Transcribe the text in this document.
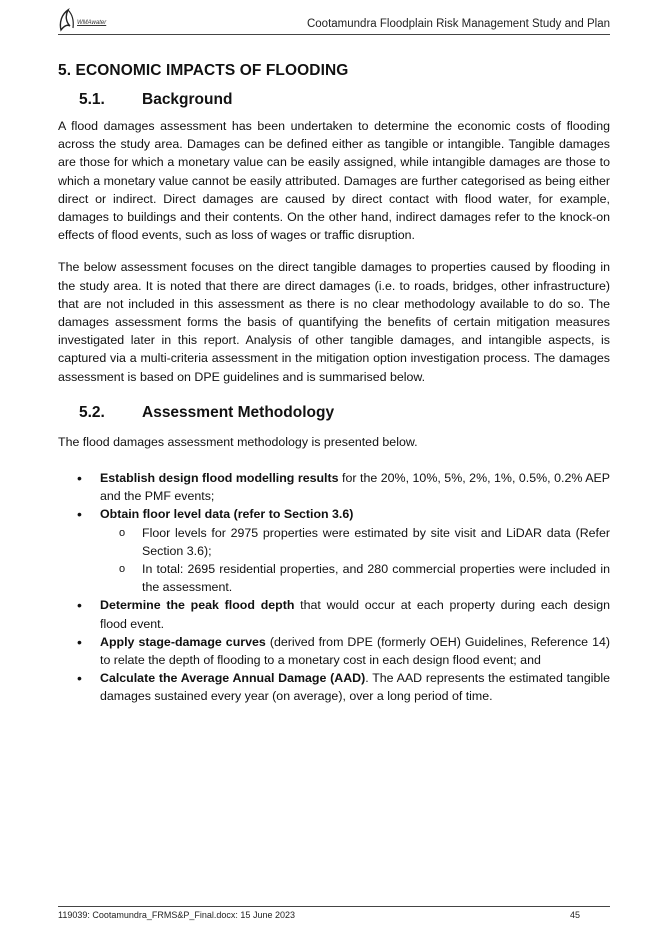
WMAwater	Cootamundra Floodplain Risk Management Study and Plan
5. ECONOMIC IMPACTS OF FLOODING
5.1.	Background

A flood damages assessment has been undertaken to determine the economic costs of flooding across the study area. Damages can be defined either as tangible or intangible. Tangible damages are those for which a monetary value can be easily assigned, while intangible damages are those to which a monetary value cannot be easily attributed. Damages are further categorised as being either direct or indirect. Direct damages are caused by direct contact with flood water, for example, damages to buildings and their contents. On the other hand, indirect damages refer to the knock-on effects of flood events, such as loss of wages or traffic disruption.

The below assessment focuses on the direct tangible damages to properties caused by flooding in the study area. It is noted that there are direct damages (i.e. to roads, bridges, other infrastructure) that are not included in this assessment as there is no clear methodology available to do so. The damages assessment forms the basis of quantifying the benefits of certain mitigation measures investigated later in this report. Analysis of other tangible damages, and intangible aspects, is captured via a multi-criteria assessment in the mitigation option investigation process. The damages assessment is based on DPE guidelines and is summarised below.

5.2.	Assessment Methodology

The flood damages assessment methodology is presented below.

• Establish design flood modelling results for the 20%, 10%, 5%, 2%, 1%, 0.5%, 0.2% AEP and the PMF events;
• Obtain floor level data (refer to Section 3.6)
o Floor levels for 2975 properties were estimated by site visit and LiDAR data (Refer Section 3.6);
o In total: 2695 residential properties, and 280 commercial properties were included in the assessment.
• Determine the peak flood depth that would occur at each property during each design flood event.
• Apply stage-damage curves (derived from DPE (formerly OEH) Guidelines, Reference 14) to relate the depth of flooding to a monetary cost in each design flood event; and
• Calculate the Average Annual Damage (AAD). The AAD represents the estimated tangible damages sustained every year (on average), over a long period of time.
119039: Cootamundra_FRMS&P_Final.docx: 15 June 2023	45
